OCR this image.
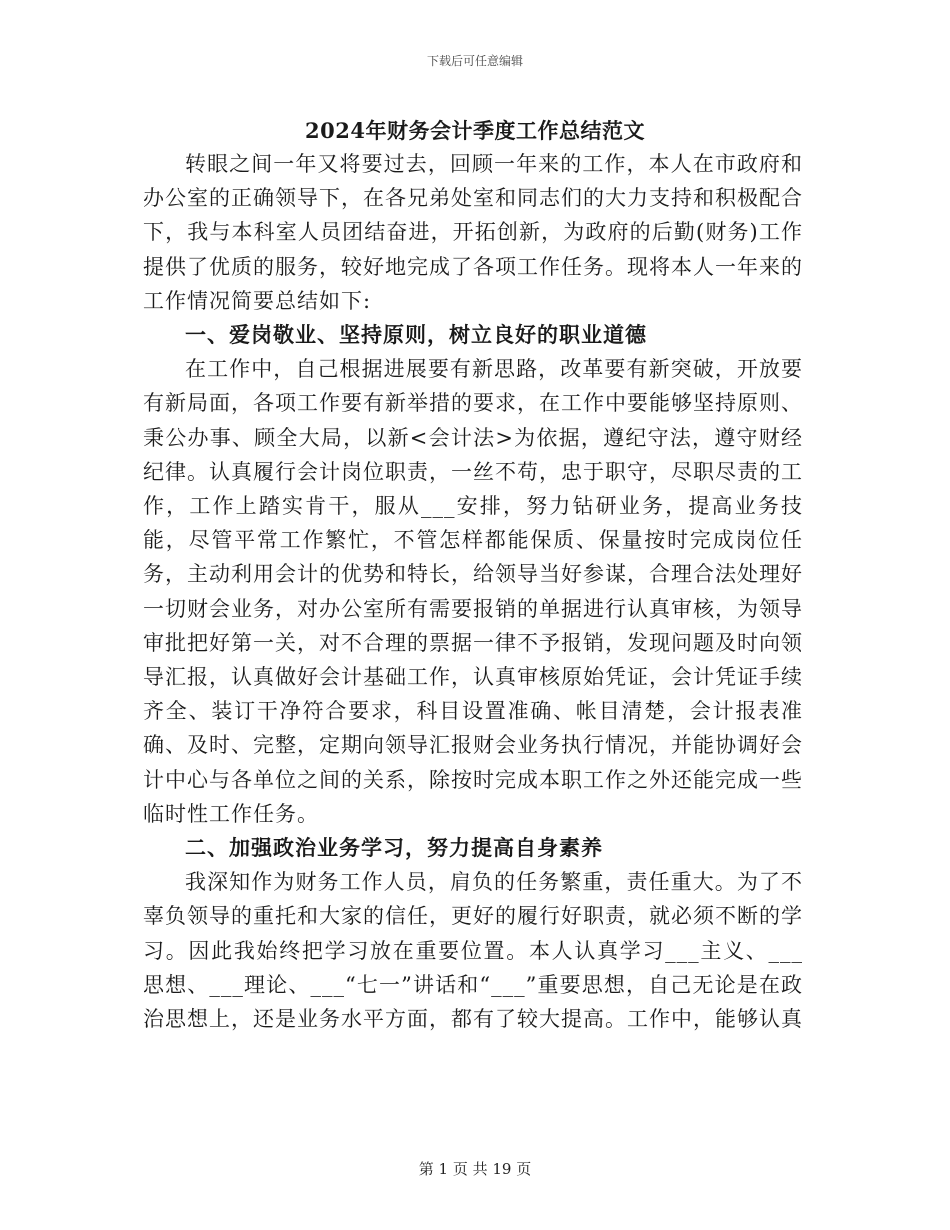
下载后可任意编辑
2024年财务会计季度工作总结范文

转眼之间一年又将要过去，回顾一年来的工作，本人在市政府和办公室的正确领导下，在各兄弟处室和同志们的大力支持和积极配合下，我与本科室人员团结奋进，开拓创新，为政府的后勤(财务)工作提供了优质的服务，较好地完成了各项工作任务。现将本人一年来的工作情况简要总结如下:

一、爱岗敬业、坚持原则，树立良好的职业道德

在工作中，自己根据进展要有新思路，改革要有新突破，开放要有新局面，各项工作要有新举措的要求，在工作中要能够坚持原则、秉公办事、顾全大局，以新<会计法>为依据，遵纪守法，遵守财经纪律。认真履行会计岗位职责，一丝不苟，忠于职守，尽职尽责的工作，工作上踏实肯干，服从___安排，努力钻研业务，提高业务技能，尽管平常工作繁忙，不管怎样都能保质、保量按时完成岗位任务，主动利用会计的优势和特长，给领导当好参谋，合理合法处理好一切财会业务，对办公室所有需要报销的单据进行认真审核，为领导审批把好第一关，对不合理的票据一律不予报销，发现问题及时向领导汇报，认真做好会计基础工作，认真审核原始凭证，会计凭证手续齐全、装订干净符合要求，科目设置准确、帐目清楚，会计报表准确、及时、完整，定期向领导汇报财会业务执行情况，并能协调好会计中心与各单位之间的关系，除按时完成本职工作之外还能完成一些临时性工作任务。

二、加强政治业务学习，努力提高自身素养

我深知作为财务工作人员，肩负的任务繁重，责任重大。为了不辜负领导的重托和大家的信任，更好的履行好职责，就必须不断的学习。因此我始终把学习放在重要位置。本人认真学习___主义、___思想、___理论、___“七一”讲话和“___”重要思想，自己无论是在政治思想上，还是业务水平方面，都有了较大提高。工作中，能够认真

第 1 页 共 19 页
